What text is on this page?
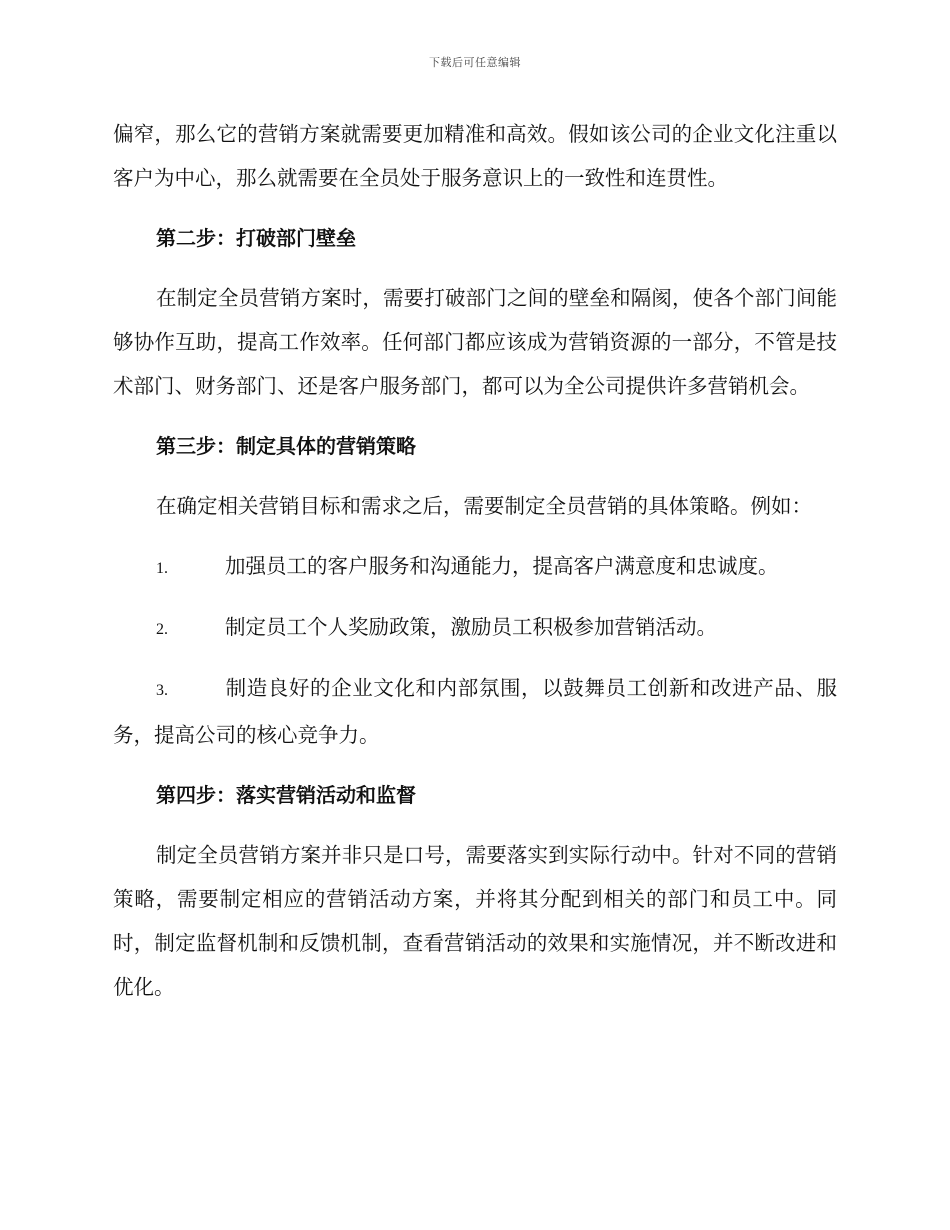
下载后可任意编辑

偏窄，那么它的营销方案就需要更加精准和高效。假如该公司的企业文化注重以客户为中心，那么就需要在全员处于服务意识上的一致性和连贯性。

第二步：打破部门壁垒

在制定全员营销方案时，需要打破部门之间的壁垒和隔阂，使各个部门间能够协作互助，提高工作效率。任何部门都应该成为营销资源的一部分，不管是技术部门、财务部门、还是客户服务部门，都可以为全公司提供许多营销机会。

第三步：制定具体的营销策略

在确定相关营销目标和需求之后，需要制定全员营销的具体策略。例如：

1.	加强员工的客户服务和沟通能力，提高客户满意度和忠诚度。

2.	制定员工个人奖励政策，激励员工积极参加营销活动。

3.	制造良好的企业文化和内部氛围，以鼓舞员工创新和改进产品、服务，提高公司的核心竞争力。

第四步：落实营销活动和监督

制定全员营销方案并非只是口号，需要落实到实际行动中。针对不同的营销策略，需要制定相应的营销活动方案，并将其分配到相关的部门和员工中。同时，制定监督机制和反馈机制，查看营销活动的效果和实施情况，并不断改进和优化。
